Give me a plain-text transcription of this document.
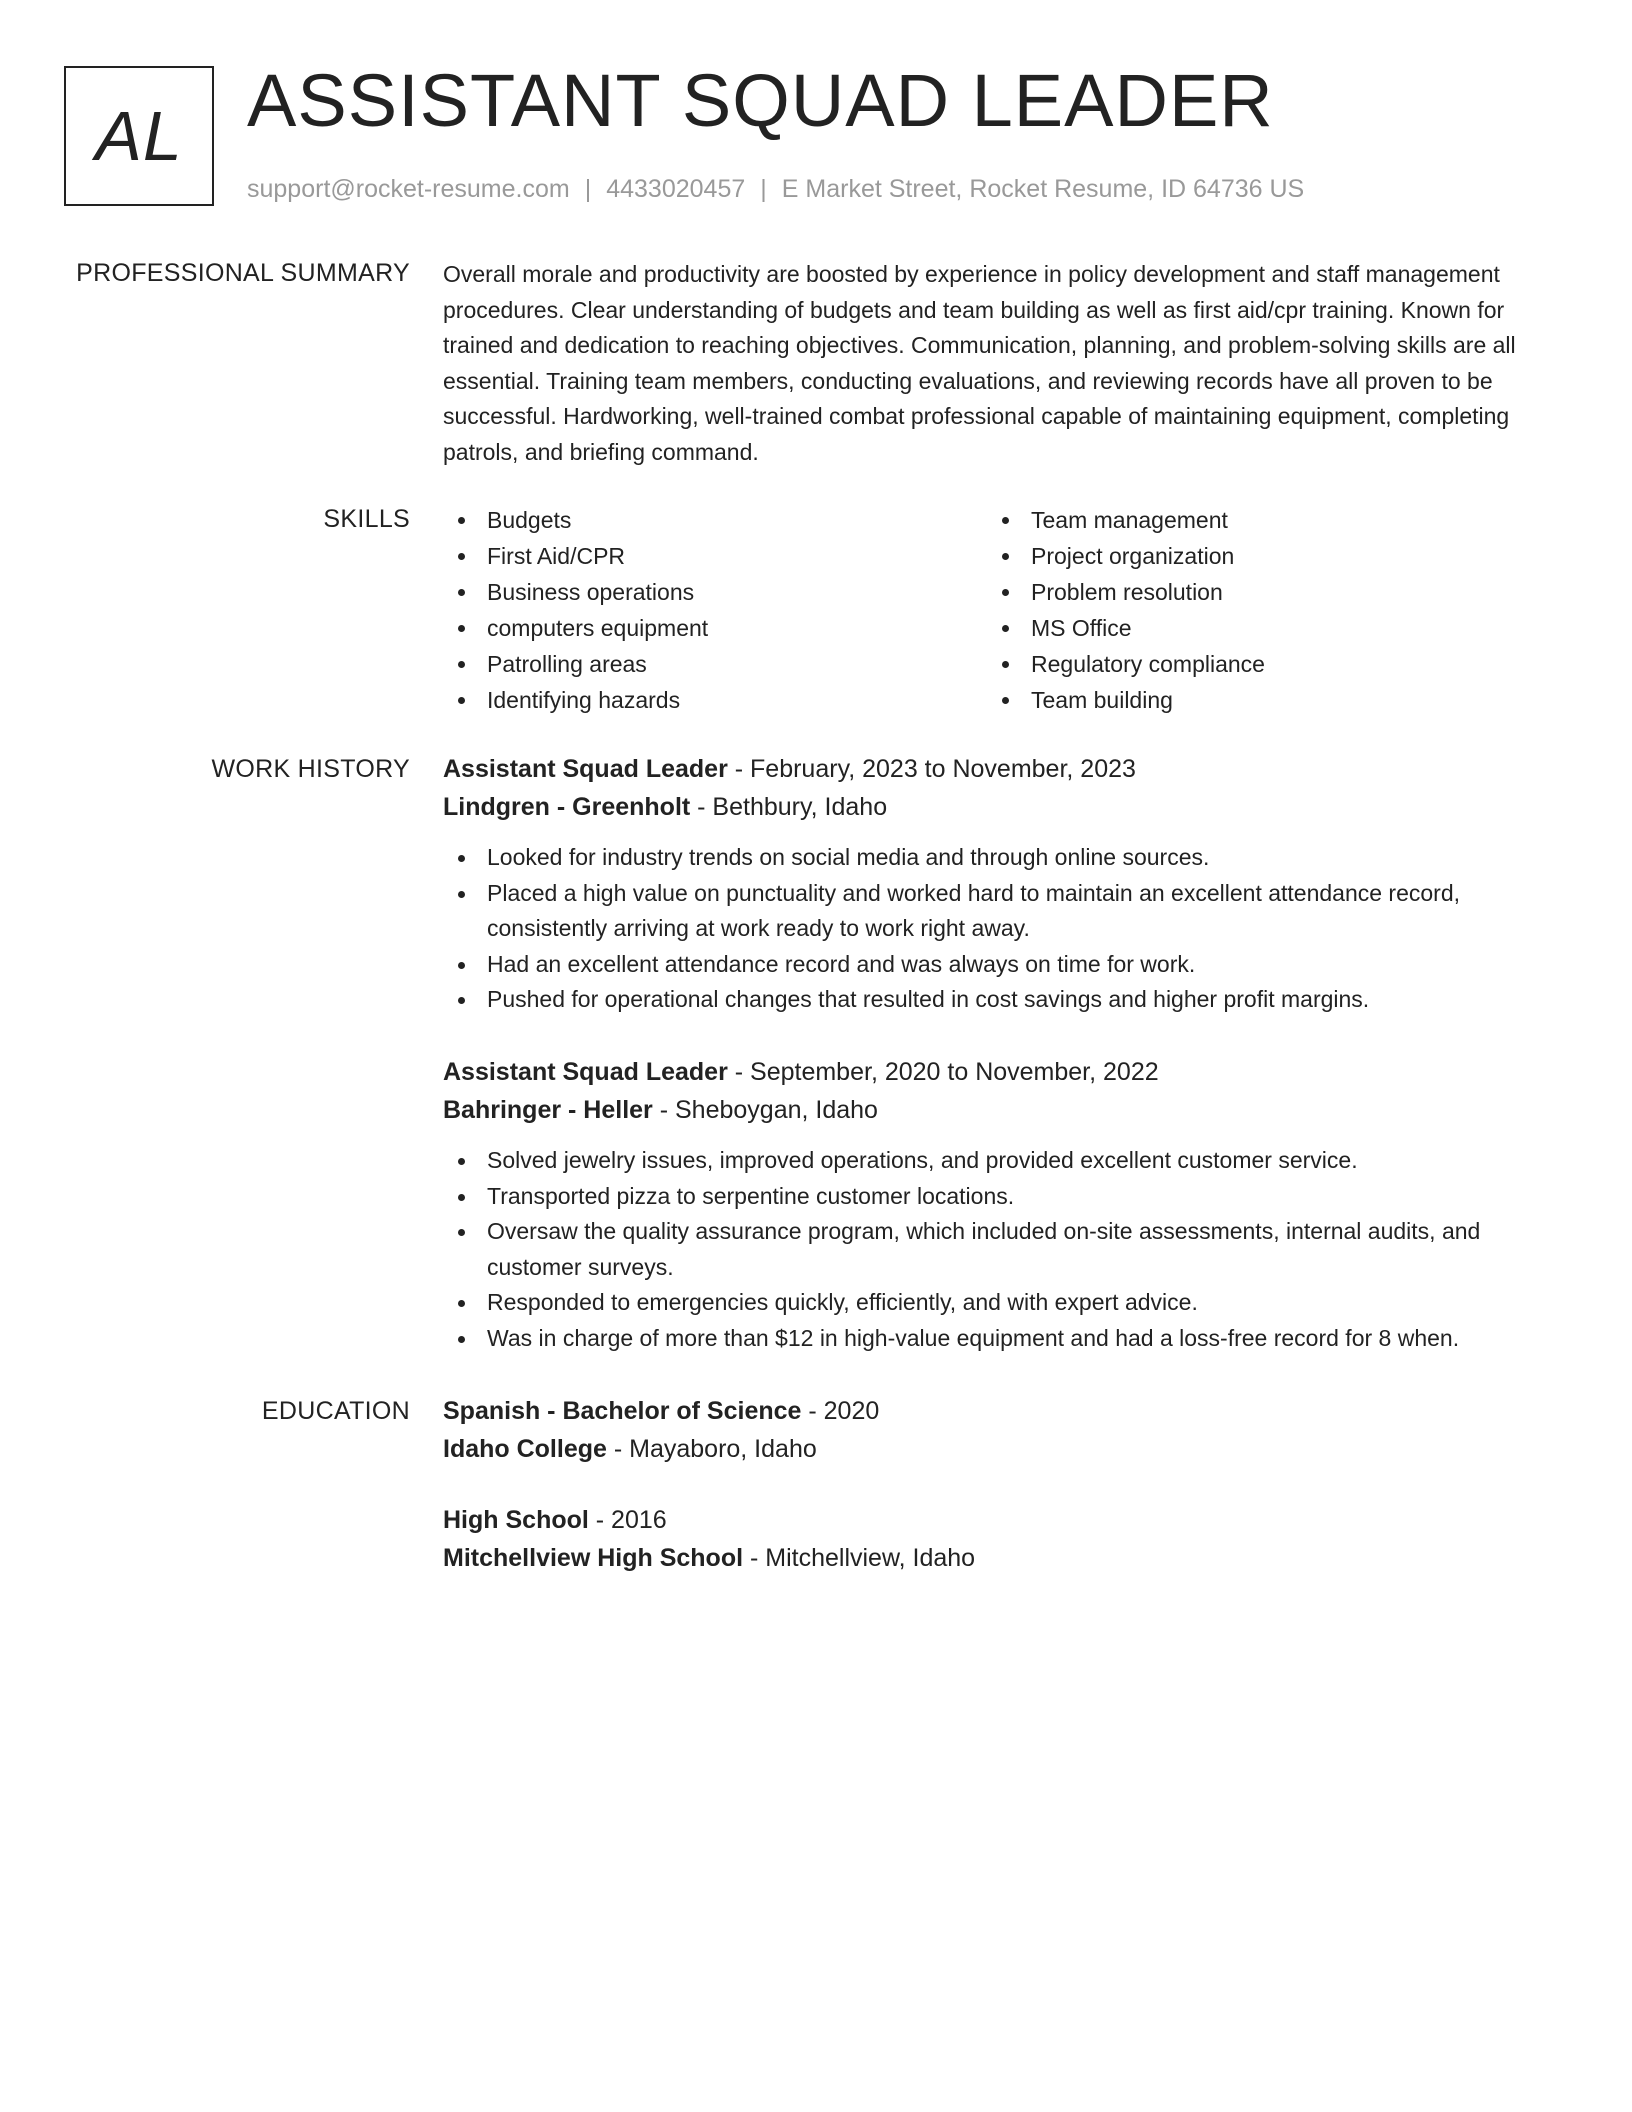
AL ASSISTANT SQUAD LEADER
support@rocket-resume.com | 4433020457 | E Market Street, Rocket Resume, ID 64736 US
PROFESSIONAL SUMMARY Overall morale and productivity are boosted by experience in policy development and staff management procedures. Clear understanding of budgets and team building as well as first aid/cpr training. Known for trained and dedication to reaching objectives. Communication, planning, and problem-solving skills are all essential. Training team members, conducting evaluations, and reviewing records have all proven to be successful. Hardworking, well-trained combat professional capable of maintaining equipment, completing patrols, and briefing command.
SKILLS	Budgets
First Aid/CPR
Business operations
computers equipment
Patrolling areas
Identifying hazards
Team management
Project organization
Problem resolution
MS Office
Regulatory compliance
Team building
WORK HISTORY Assistant Squad Leader - February, 2023 to November, 2023
Lindgren - Greenholt - Bethbury, Idaho
Looked for industry trends on social media and through online sources.
Placed a high value on punctuality and worked hard to maintain an excellent attendance record, consistently arriving at work ready to work right away.
Had an excellent attendance record and was always on time for work.
Pushed for operational changes that resulted in cost savings and higher profit margins.
Assistant Squad Leader - September, 2020 to November, 2022
Bahringer - Heller - Sheboygan, Idaho
Solved jewelry issues, improved operations, and provided excellent customer service.
Transported pizza to serpentine customer locations.
Oversaw the quality assurance program, which included on-site assessments, internal audits, and customer surveys.
Responded to emergencies quickly, efficiently, and with expert advice.
Was in charge of more than $12 in high-value equipment and had a loss-free record for 8 when.
EDUCATION Spanish - Bachelor of Science - 2020
Idaho College - Mayaboro, Idaho
High School - 2016
Mitchellview High School - Mitchellview, Idaho
